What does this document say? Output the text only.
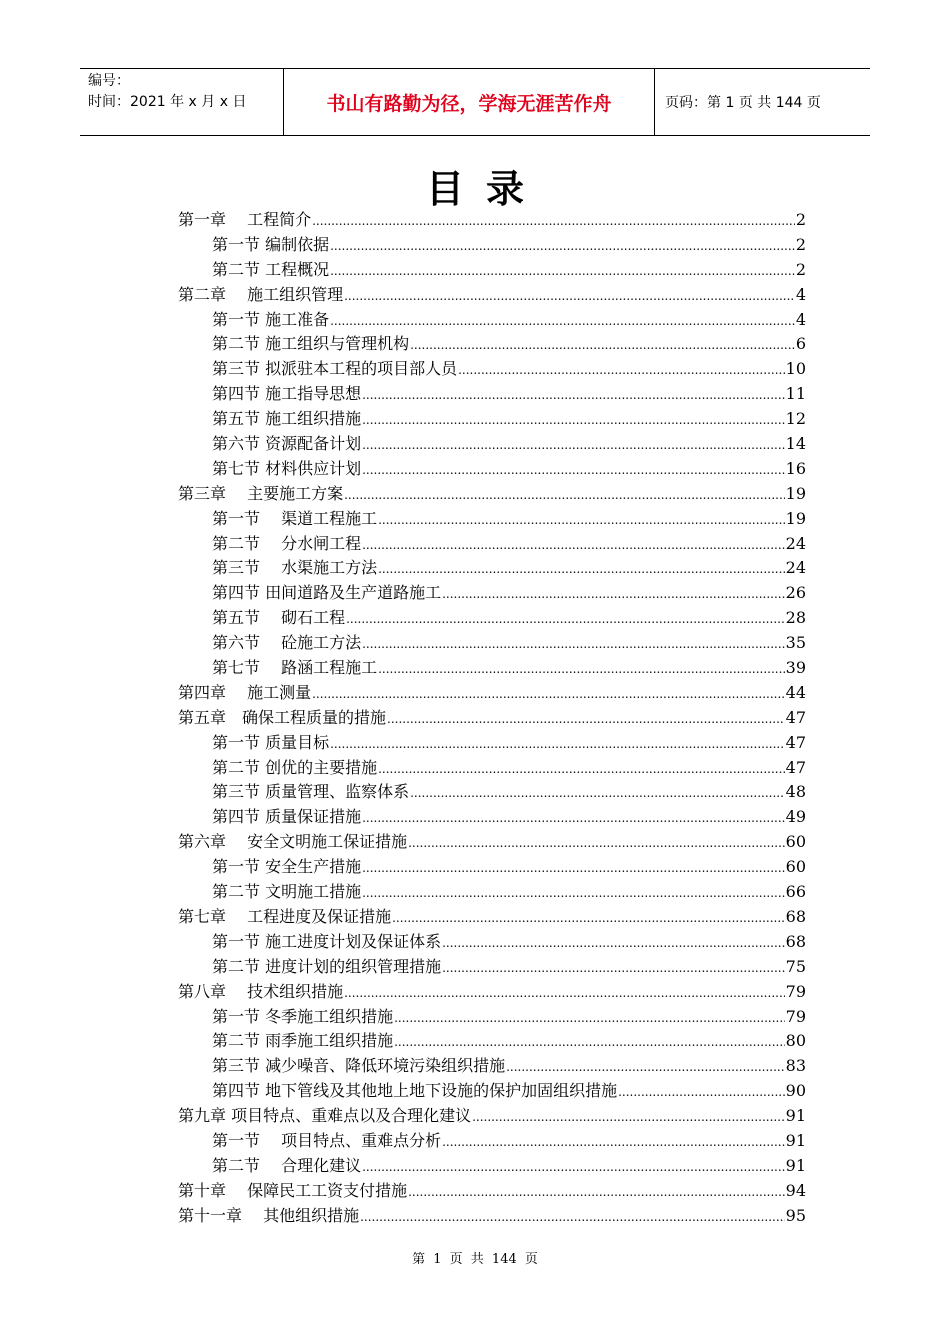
编号：
时间：2021 年 x 月 x 日	书山有路勤为径，学海无涯苦作舟	页码：第 1 页 共 144 页
目录
第一章　 工程简介 .....	2
第一节 编制依据 .....	2
第二节 工程概况 .....	2
第二章　 施工组织管理 .....	4
第一节 施工准备 .....	4
第二节 施工组织与管理机构 .....	6
第三节 拟派驻本工程的项目部人员 .....	10
第四节 施工指导思想 .....	11
第五节 施工组织措施 .....	12
第六节 资源配备计划 .....	14
第七节 材料供应计划 .....	16
第三章　 主要施工方案 .....	19
第一节　 渠道工程施工 .....	19
第二节　 分水闸工程 .....	24
第三节　 水渠施工方法 .....	24
第四节 田间道路及生产道路施工 .....	26
第五节　 砌石工程 .....	28
第六节　 砼施工方法 .....	35
第七节　 路涵工程施工 .....	39
第四章　 施工测量 .....	44
第五章　确保工程质量的措施 .....	47
第一节 质量目标 .....	47
第二节 创优的主要措施 .....	47
第三节 质量管理、监察体系 .....	48
第四节 质量保证措施 .....	49
第六章　 安全文明施工保证措施 .....	60
第一节 安全生产措施 .....	60
第二节 文明施工措施 .....	66
第七章　 工程进度及保证措施 .....	68
第一节 施工进度计划及保证体系 .....	68
第二节 进度计划的组织管理措施 .....	75
第八章　 技术组织措施 .....	79
第一节 冬季施工组织措施 .....	79
第二节 雨季施工组织措施 .....	80
第三节 减少噪音、降低环境污染组织措施 .....	83
第四节 地下管线及其他地上地下设施的保护加固组织措施 .....	90
第九章 项目特点、重难点以及合理化建议 .....	91
第一节　 项目特点、重难点分析 .....	91
第二节　 合理化建议 .....	91
第十章　 保障民工工资支付措施 .....	94
第十一章　 其他组织措施 .....	95
第 1 页 共 144 页
